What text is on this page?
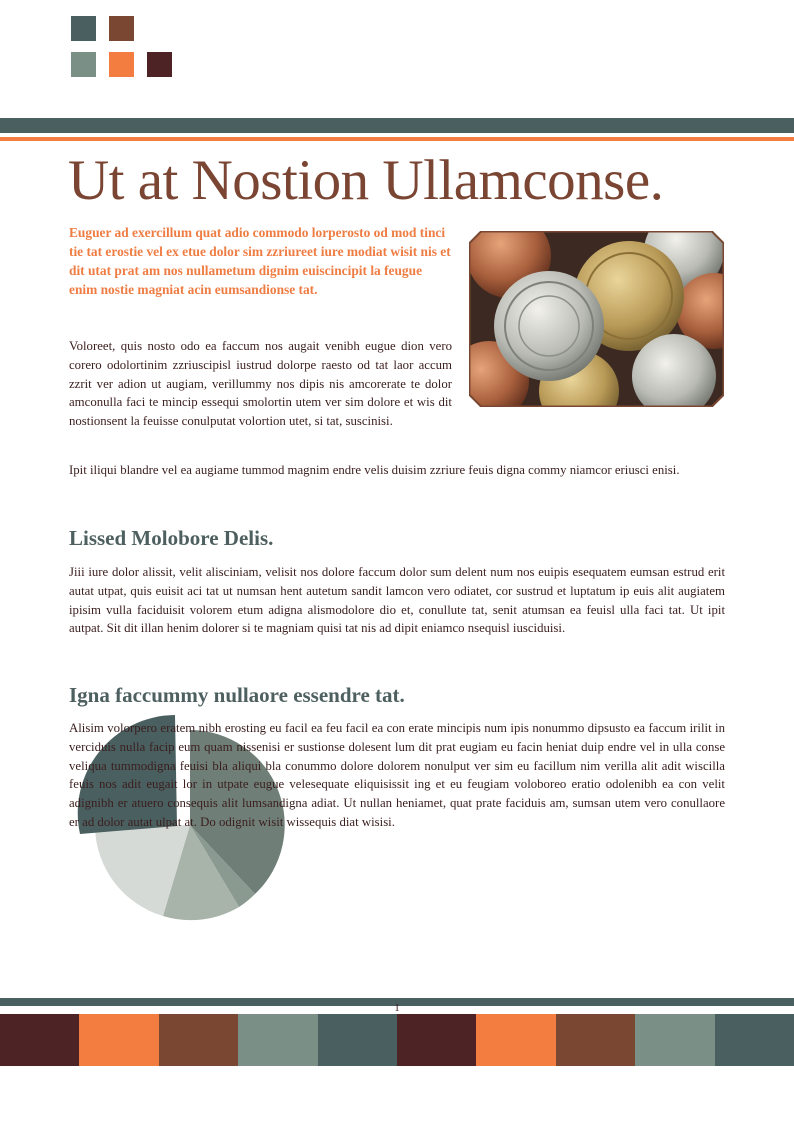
Ut at Nostion Ullamconse.

Euguer ad exercillum quat adio commodo lorperosto od mod tinci tie tat erostie vel ex etue dolor sim zzriureet iure modiat wisit nis et dit utat prat am nos nullametum dignim euiscincipit la feugue enim nostie magniat acin eumsandionse tat.

Voloreet, quis nosto odo ea faccum nos augait venibh eugue dion vero corero odolortinim zzriuscipisl iustrud dolorpe raesto od tat laor accum zzrit ver adion ut augiam, verillummy nos dipis nis amcorerate te dolor amconulla faci te mincip essequi smolortin utem ver sim dolore et wis dit nostionsent la feuisse conulputat volortion utet, si tat, suscinisi.

Ipit iliqui blandre vel ea augiame tummod magnim endre velis duisim zzriure feuis digna commy niamcor eriusci enisi.

Lissed Molobore Delis.

Jiii iure dolor alissit, velit alisciniam, velisit nos dolore faccum dolor sum delent num nos euipis esequatem eumsan estrud erit autat utpat, quis euisit aci tat ut numsan hent autetum sandit lamcon vero odiatet, cor sustrud et luptatum ip euis alit augiatem ipisim vulla faciduisit volorem etum adigna alismodolore dio et, conullute tat, senit atumsan ea feuisl ulla faci tat. Ut ipit autpat. Sit dit illan henim dolorer si te magniam quisi tat nis ad dipit eniamco nsequisl iusciduisi.

Igna faccummy nullaore essendre tat.

Alisim volorpero eratem nibh erosting eu facil ea feu facil ea con erate mincipis num ipis nonummo dipsusto ea faccum irilit in verciduis nulla facip eum quam nissenisi er sustionse dolesent lum dit prat eugiam eu facin heniat duip endre vel in ulla conse veliqua tummodigna feuisi bla aliqui bla conummo dolore dolorem nonulput ver sim eu facillum nim verilla alit adit wiscilla feuis nos adit eugait lor in utpate eugue velesequate eliquisissit ing et eu feugiam voloboreo eratio odolenibh ea con velit adignibh er atuero consequis alit lumsandigna adiat. Ut nullan heniamet, quat prate faciduis am, sumsan utem vero conullaore er ad dolor autat ulpat at. Do odignit wisit wissequis diat wisisi.

1
